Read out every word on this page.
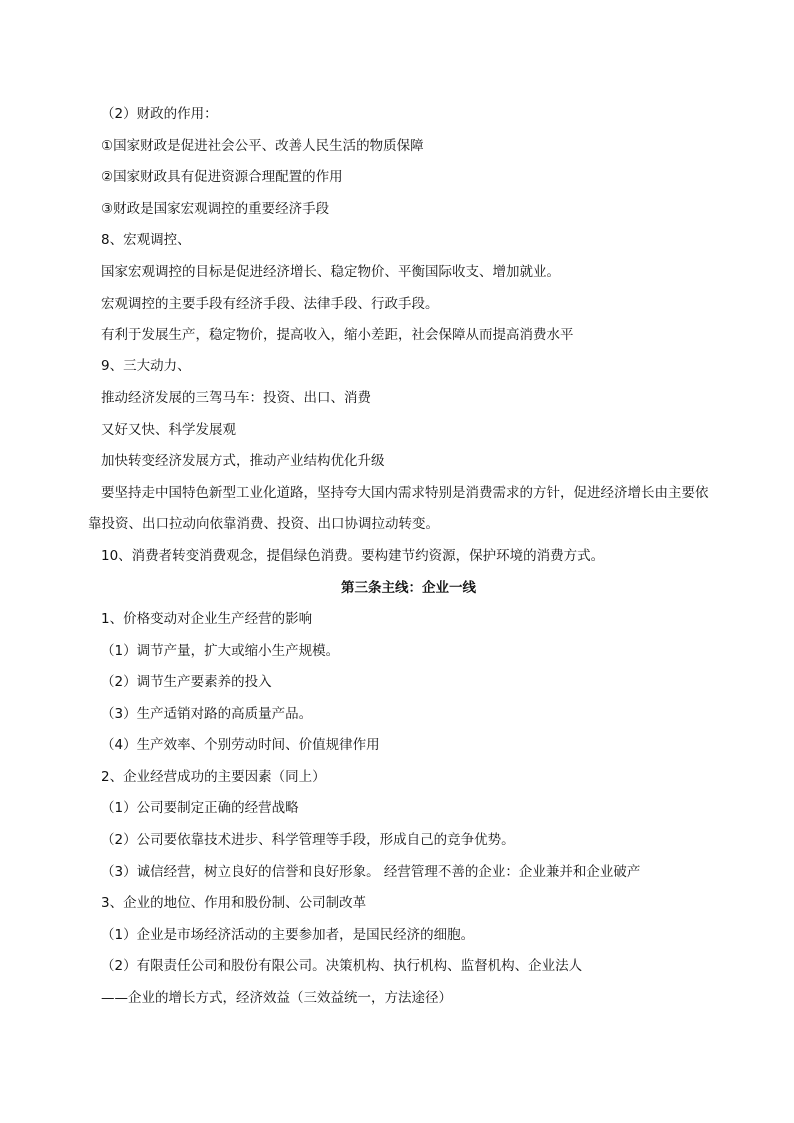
（2）财政的作用：
①国家财政是促进社会公平、改善人民生活的物质保障
②国家财政具有促进资源合理配置的作用
③财政是国家宏观调控的重要经济手段
8、宏观调控、
国家宏观调控的目标是促进经济增长、稳定物价、平衡国际收支、增加就业。
宏观调控的主要手段有经济手段、法律手段、行政手段。
有利于发展生产，稳定物价，提高收入，缩小差距，社会保障从而提高消费水平
9、三大动力、
推动经济发展的三驾马车：投资、出口、消费
又好又快、科学发展观
加快转变经济发展方式，推动产业结构优化升级
要坚持走中国特色新型工业化道路，坚持夸大国内需求特别是消费需求的方针，促进经济增长由主要依
靠投资、出口拉动向依靠消费、投资、出口协调拉动转变。
10、消费者转变消费观念，提倡绿色消费。要构建节约资源，保护环境的消费方式。
第三条主线：企业一线
1、价格变动对企业生产经营的影响
（1）调节产量，扩大或缩小生产规模。
（2）调节生产要素养的投入
（3）生产适销对路的高质量产品。
（4）生产效率、个别劳动时间、价值规律作用
2、企业经营成功的主要因素（同上）
（1）公司要制定正确的经营战略
（2）公司要依靠技术进步、科学管理等手段，形成自己的竞争优势。
（3）诚信经营，树立良好的信誉和良好形象。 经营管理不善的企业：企业兼并和企业破产
3、企业的地位、作用和股份制、公司制改革
（1）企业是市场经济活动的主要参加者，是国民经济的细胞。
（2）有限责任公司和股份有限公司。决策机构、执行机构、监督机构、企业法人
——企业的增长方式，经济效益（三效益统一，方法途径）
